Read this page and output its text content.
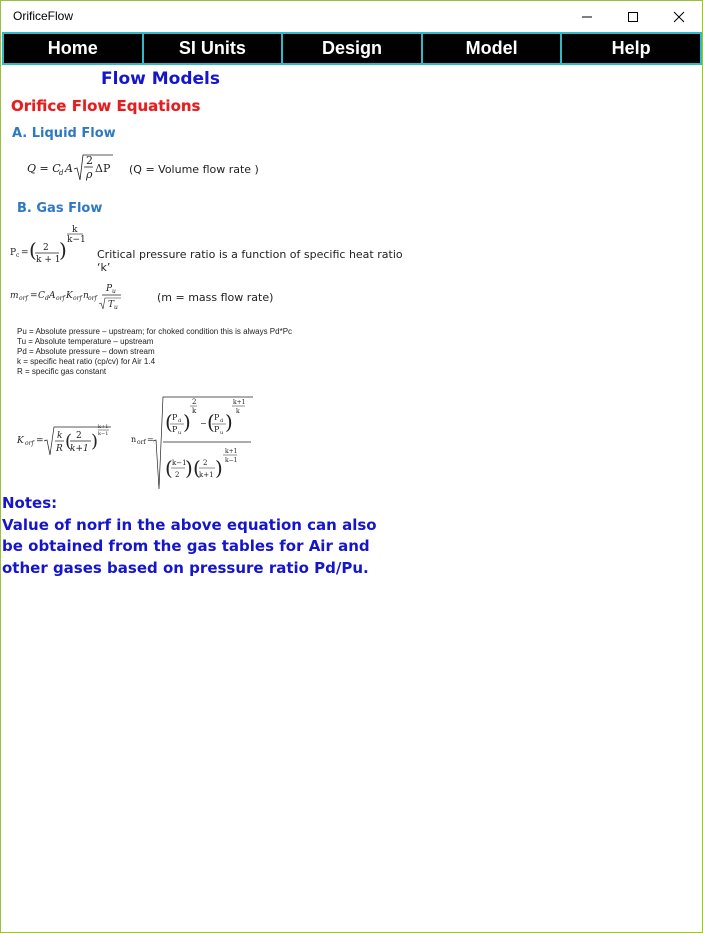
OrificeFlow
Home	SI Units	Design	Model	Help
Flow Models
Orifice Flow Equations
A. Liquid Flow
Q = C
d A
2
ρ ΔP (Q = Volume flow rate )
B. Gas Flow
P c = ( 2
k + 1
)
k
k−1
Critical pressure ratio is a function of specific heat ratio ‘k’
m orf = C d A orf K orf n orf
P u
T u
(m = mass flow rate)
Pu = Absolute pressure – upstream; for choked condition this is always Pd*Pc
Tu = Absolute temperature – upstream
Pd = Absolute pressure – down stream
k = specific heat ratio (cp/cv) for Air 1.4
R = specific gas constant
K orf = k
R ( 2
k+1 )
k+1
k−1
n orf =
( P d
P u )
2
k
− ( P d
P u )
k+1
k
( k−1
2 ) ( 2
k+1 )
k+1
k−1
Notes:
Value of norf in the above equation can also
be obtained from the gas tables for Air and
other gases based on pressure ratio Pd/Pu.
